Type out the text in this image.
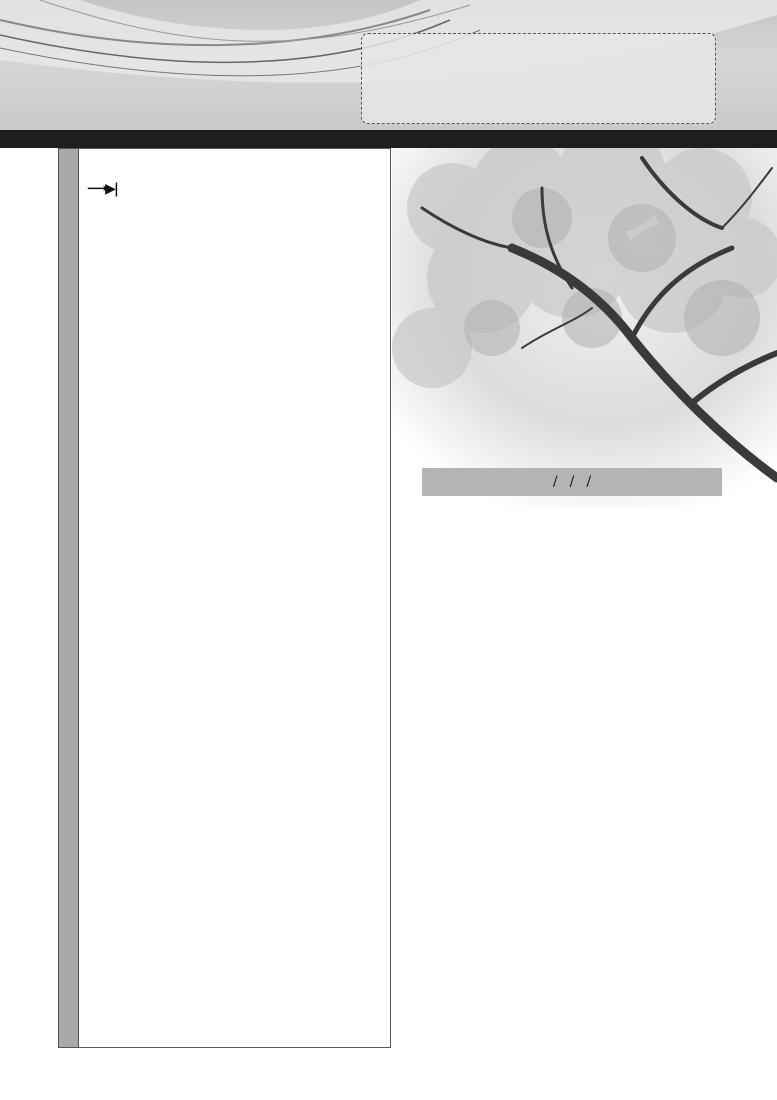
⟶▶|
/ / /
